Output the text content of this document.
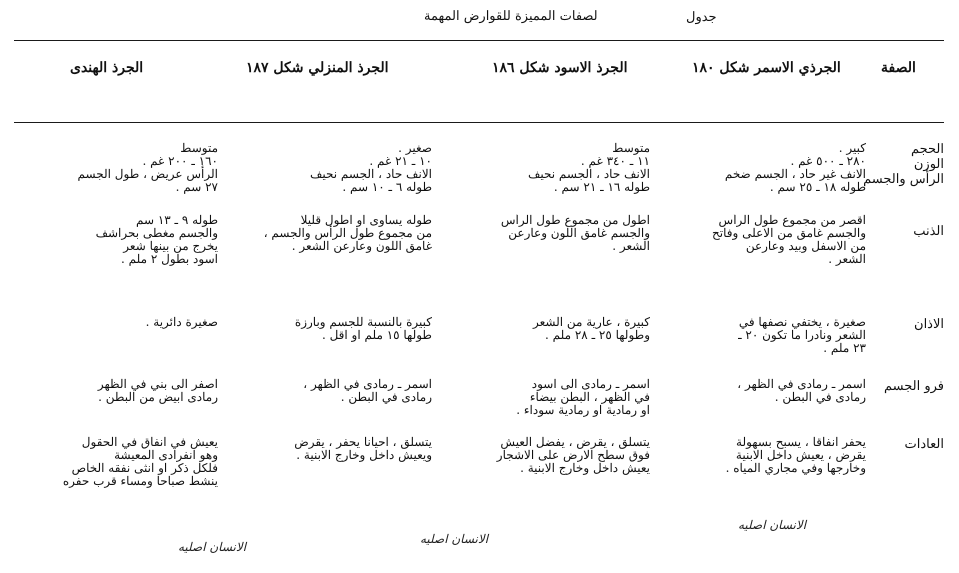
جدول
لصفات المميزة للقوارض المهمة
الصفة
الجرذي الاسمر شكل ١٨٠
الجرذ الاسود شكل ١٨٦
الجرذ المنزلي شكل ١٨٧
الجرذ الهندى
الحجم
الوزن
الرأس والجسم
الذنب
الاذان
فرو الجسم
العادات
كبير .
٢٨٠ ـ ٥٠٠ غم .
الانف غير حاد ، الجسم ضخم
طوله ١٨ ـ ٢٥ سم .
اقصر من مجموع طول الرأس
والجسم غامق من الاعلى وفاتح
من الاسفل وبيد وعارعن
الشعر .
صغيرة ، يختفي نصفها في
الشعر ونادرا ما تكون ٢٠ ـ
٢٣ ملم .
اسمر ـ رمادى في الظهر ،
رمادى في البطن .
يحفر انفاقا ، يسبح بسهولة
يقرض ، يعيش داخل الابنية
وخارجها وفي مجاري المياه .
الانسان اصليه
متوسط
١١ ـ ٣٤٠ غم .
الانف حاد ، الجسم نحيف
طوله ١٦ ـ ٢١ سم .
اطول من مجموع طول الرأس
والجسم غامق اللون وعارعن
الشعر .
كبيرة ، عارية من الشعر
وطولها ٢٥ ـ ٢٨ ملم .
اسمر ـ رمادى الى اسود
في الظهر ، البطن بيضاء
او رمادية او رمادية سوداء .
يتسلق ، يقرض ، يفضل العيش
فوق سطح الارض على الاشجار
يعيش داخل وخارج الابنية .
الانسان اصليه
صغير .
١٠ ـ ٢١ غم .
الانف حاد ، الجسم نحيف
طوله ٦ ـ ١٠ سم .
طوله يساوى او اطول قليلا
من مجموع طول الرأس والجسم ،
غامق اللون وعارعن الشعر .
كبيرة بالنسبة للجسم وبارزة
طولها ١٥ ملم او اقل .
اسمر ـ رمادى في الظهر ،
رمادى في البطن .
يتسلق ، احيانا يحفر ، يقرض
ويعيش داخل وخارج الابنية .
الانسان اصليه
متوسط
١٦٠ ـ ٢٠٠ غم .
الرأس عريض ، طول الجسم
٢٧ سم .
طوله ٩ ـ ١٣ سم
والجسم مغطى بحراشف
يخرج من بينها شعر
اسود بطول ٢ ملم .
صغيرة دائرية .
اصفر الى بني في الظهر
رمادى ابيض من البطن .
يعيش في انفاق في الحقول
وهو انفرادى المعيشة
فلكل ذكر او انثى نفقه الخاص
ينشط صباحا ومساء قرب حفره
